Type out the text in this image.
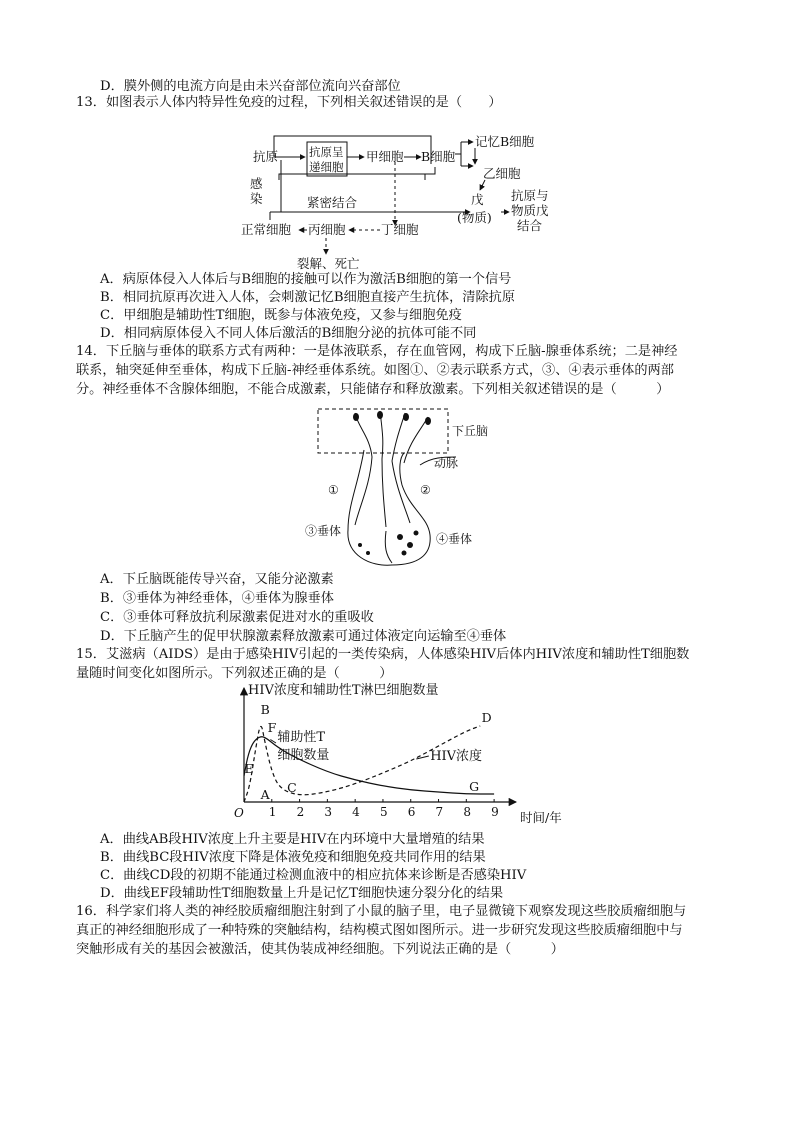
D．膜外侧的电流方向是由未兴奋部位流向兴奋部位
13．如图表示人体内特异性免疫的过程，下列相关叙述错误的是（　　）
抗原	抗原呈
递细胞
甲细胞 B细胞
记忆B细胞
乙细胞
感
染	紧密结合	戊
(物质)
抗原与
物质戊
结合
正常细胞 丙细胞	丁细胞
裂解、死亡
A．病原体侵入人体后与B细胞的接触可以作为激活B细胞的第一个信号
B．相同抗原再次进入人体，会刺激记忆B细胞直接产生抗体，清除抗原
C．甲细胞是辅助性T细胞，既参与体液免疫，又参与细胞免疫
D．相同病原体侵入不同人体后激活的B细胞分泌的抗体可能不同
14．下丘脑与垂体的联系方式有两种：一是体液联系，存在血管网，构成下丘脑-腺垂体系统；二是神经
联系，轴突延伸至垂体，构成下丘脑-神经垂体系统。如图①、②表示联系方式，③、④表示垂体的两部
分。神经垂体不含腺体细胞，不能合成激素，只能储存和释放激素。下列相关叙述错误的是（　　　）
下丘脑
动脉
①	②
③垂体
④垂体
A．下丘脑既能传导兴奋，又能分泌激素
B．③垂体为神经垂体，④垂体为腺垂体
C．③垂体可释放抗利尿激素促进对水的重吸收
D．下丘脑产生的促甲状腺激素释放激素可通过体液定向运输至④垂体
15．艾滋病（AIDS）是由于感染HIV引起的一类传染病，人体感染HIV后体内HIV浓度和辅助性T细胞数
量随时间变化如图所示。下列叙述正确的是（　　　）
HIV浓度和辅助性T淋巴细胞数量
O	时间/年
1 2 3 4 5 6 7 8 9
辅助性T
细胞数量	HIV浓度
A
B
C
D
E
F
G
A．曲线AB段HIV浓度上升主要是HIV在内环境中大量增殖的结果
B．曲线BC段HIV浓度下降是体液免疫和细胞免疫共同作用的结果
C．曲线CD段的初期不能通过检测血液中的相应抗体来诊断是否感染HIV
D．曲线EF段辅助性T细胞数量上升是记忆T细胞快速分裂分化的结果
16．科学家们将人类的神经胶质瘤细胞注射到了小鼠的脑子里，电子显微镜下观察发现这些胶质瘤细胞与
真正的神经细胞形成了一种特殊的突触结构，结构模式图如图所示。进一步研究发现这些胶质瘤细胞中与
突触形成有关的基因会被激活，使其伪装成神经细胞。下列说法正确的是（　　　）
